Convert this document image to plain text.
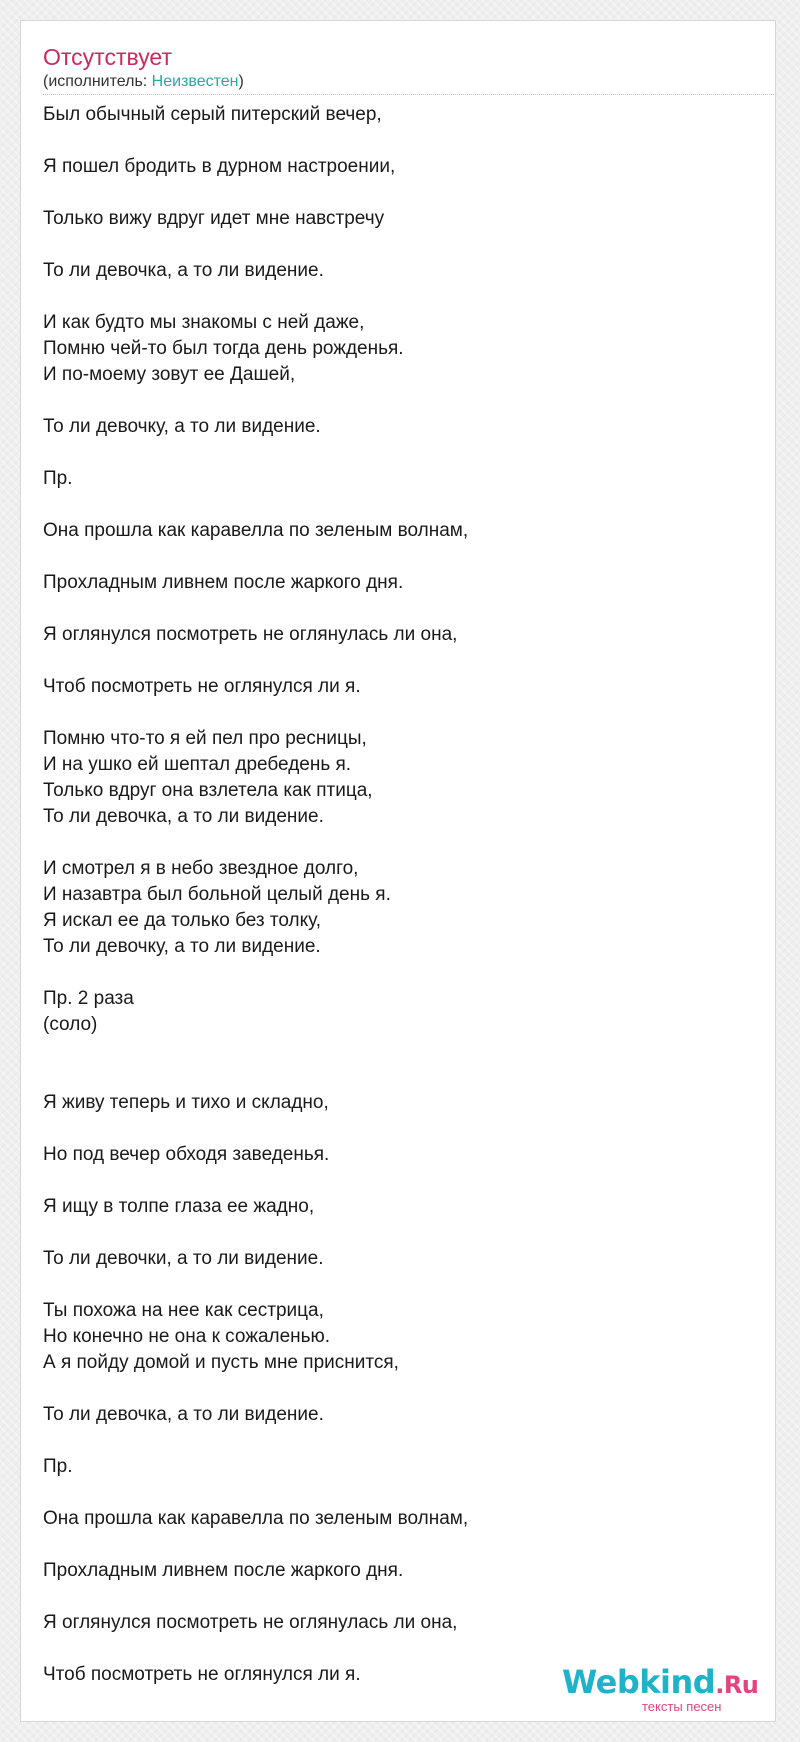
Отсутствует
(исполнитель: Неизвестен)
Был обычный серый питерский вечер,
Я пошел бродить в дурном настроении,
Только вижу вдруг идет мне навстречу
То ли девочка, а то ли видение.
И как будто мы знакомы с ней даже,
Помню чей-то был тогда день рожденья.
И по-моему зовут ее Дашей,
То ли девочку, а то ли видение.
Пр.
Она прошла как каравелла по зеленым волнам,
Прохладным ливнем после жаркого дня.
Я оглянулся посмотреть не оглянулась ли она,
Чтоб посмотреть не оглянулся ли я.
Помню что-то я ей пел про ресницы,
И на ушко ей шептал дребедень я.
Только вдруг она взлетела как птица,
То ли девочка, а то ли видение.
И смотрел я в небо звездное долго,
И назавтра был больной целый день я.
Я искал ее да только без толку,
То ли девочку, а то ли видение.
Пр. 2 раза
(соло)
Я живу теперь и тихо и складно,
Но под вечер обходя заведенья.
Я ищу в толпе глаза ее жадно,
То ли девочки, а то ли видение.
Ты похожа на нее как сестрица,
Но конечно не она к сожаленью.
А я пойду домой и пусть мне приснится,
То ли девочка, а то ли видение.
Пр.
Она прошла как каравелла по зеленым волнам,
Прохладным ливнем после жаркого дня.
Я оглянулся посмотреть не оглянулась ли она,
Чтоб посмотреть не оглянулся ли я.	Webkind.Ru
тексты песен
